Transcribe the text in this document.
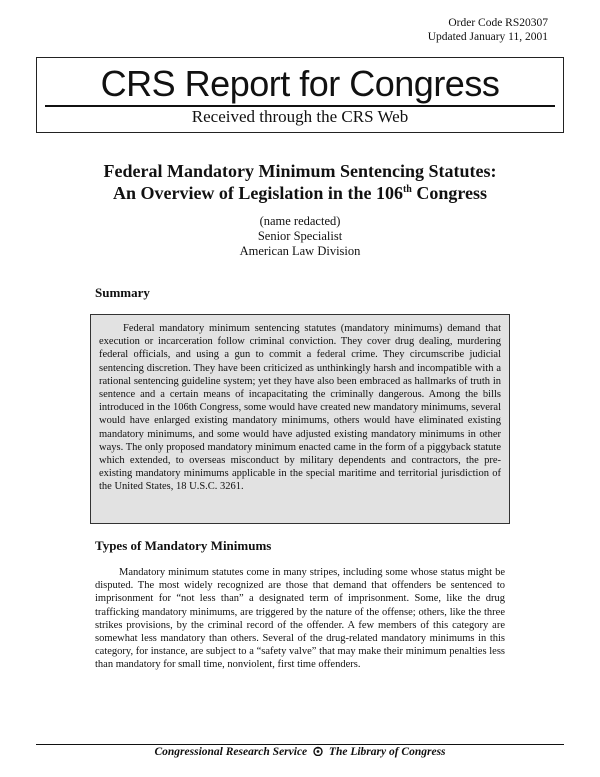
Order Code RS20307
Updated January 11, 2001
CRS Report for Congress
Received through the CRS Web
Federal Mandatory Minimum Sentencing Statutes:
An Overview of Legislation in the 106th Congress
(name redacted)
Senior Specialist
American Law Division
Summary

Federal mandatory minimum sentencing statutes (mandatory minimums) demand that execution or incarceration follow criminal conviction. They cover drug dealing, murdering federal officials, and using a gun to commit a federal crime. They circumscribe judicial sentencing discretion. They have been criticized as unthinkingly harsh and incompatible with a rational sentencing guideline system; yet they have also been embraced as hallmarks of truth in sentence and a certain means of incapacitating the criminally dangerous. Among the bills introduced in the 106th Congress, some would have created new mandatory minimums, several would have enlarged existing mandatory minimums, others would have eliminated existing mandatory minimums, and some would have adjusted existing mandatory minimums in other ways. The only proposed mandatory minimum enacted came in the form of a piggyback statute which extended, to overseas misconduct by military dependents and contractors, the pre-existing mandatory minimums applicable in the special maritime and territorial jurisdiction of the United States, 18 U.S.C. 3261.

Types of Mandatory Minimums

Mandatory minimum statutes come in many stripes, including some whose status might be disputed. The most widely recognized are those that demand that offenders be sentenced to imprisonment for “not less than” a designated term of imprisonment. Some, like the drug trafficking mandatory minimums, are triggered by the nature of the offense; others, like the three strikes provisions, by the criminal record of the offender. A few members of this category are somewhat less mandatory than others. Several of the drug-related mandatory minimums in this category, for instance, are subject to a “safety valve” that may make their minimum penalties less than mandatory for small time, nonviolent, first time offenders.

Congressional Research Service The Library of Congress
